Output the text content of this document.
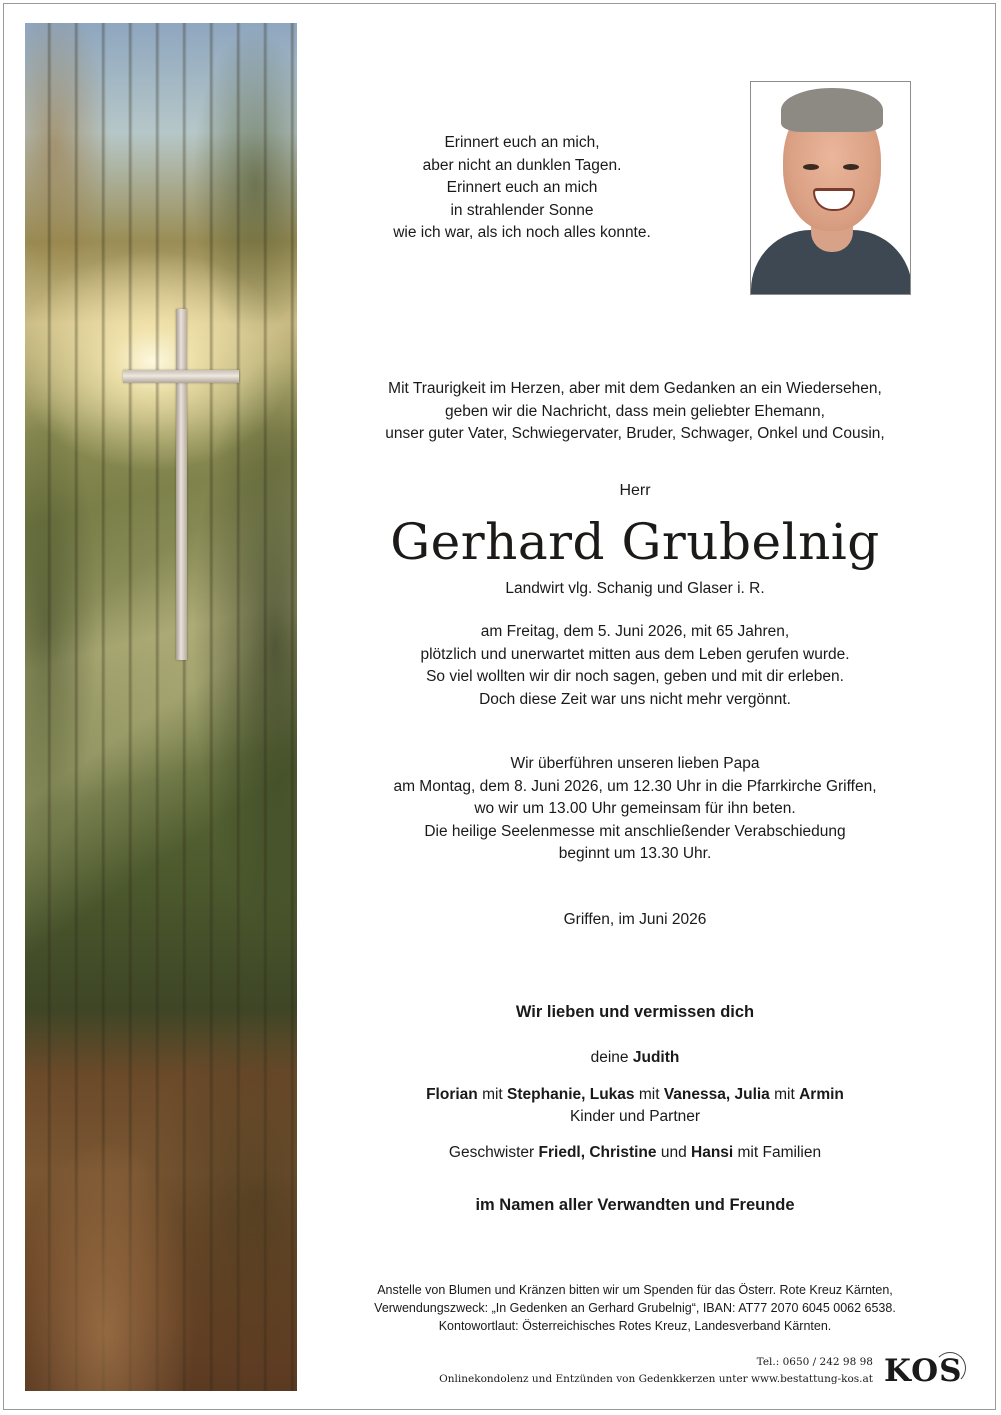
Erinnert euch an mich,
aber nicht an dunklen Tagen.
Erinnert euch an mich
in strahlender Sonne
wie ich war, als ich noch alles konnte.

Mit Traurigkeit im Herzen, aber mit dem Gedanken an ein Wiedersehen,
geben wir die Nachricht, dass mein geliebter Ehemann,
unser guter Vater, Schwiegervater, Bruder, Schwager, Onkel und Cousin,

Herr

Gerhard Grubelnig

Landwirt vlg. Schanig und Glaser i. R.

am Freitag, dem 5. Juni 2026, mit 65 Jahren,
plötzlich und unerwartet mitten aus dem Leben gerufen wurde.
So viel wollten wir dir noch sagen, geben und mit dir erleben.
Doch diese Zeit war uns nicht mehr vergönnt.

Wir überführen unseren lieben Papa
am Montag, dem 8. Juni 2026, um 12.30 Uhr in die Pfarrkirche Griffen,
wo wir um 13.00 Uhr gemeinsam für ihn beten.
Die heilige Seelenmesse mit anschließender Verabschiedung
beginnt um 13.30 Uhr.

Griffen, im Juni 2026

Wir lieben und vermissen dich

deine Judith

Florian mit Stephanie, Lukas mit Vanessa, Julia mit Armin

Kinder und Partner

Geschwister Friedl, Christine und Hansi mit Familien

im Namen aller Verwandten und Freunde

Anstelle von Blumen und Kränzen bitten wir um Spenden für das Österr. Rote Kreuz Kärnten,
Verwendungszweck: „In Gedenken an Gerhard Grubelnig“, IBAN: AT77 2070 6045 0062 6538.
Kontowortlaut: Österreichisches Rotes Kreuz, Landesverband Kärnten.

Tel.: 0650 / 242 98 98

Onlinekondolenz und Entzünden von Gedenkkerzen unter www.bestattung-kos.at KOS
